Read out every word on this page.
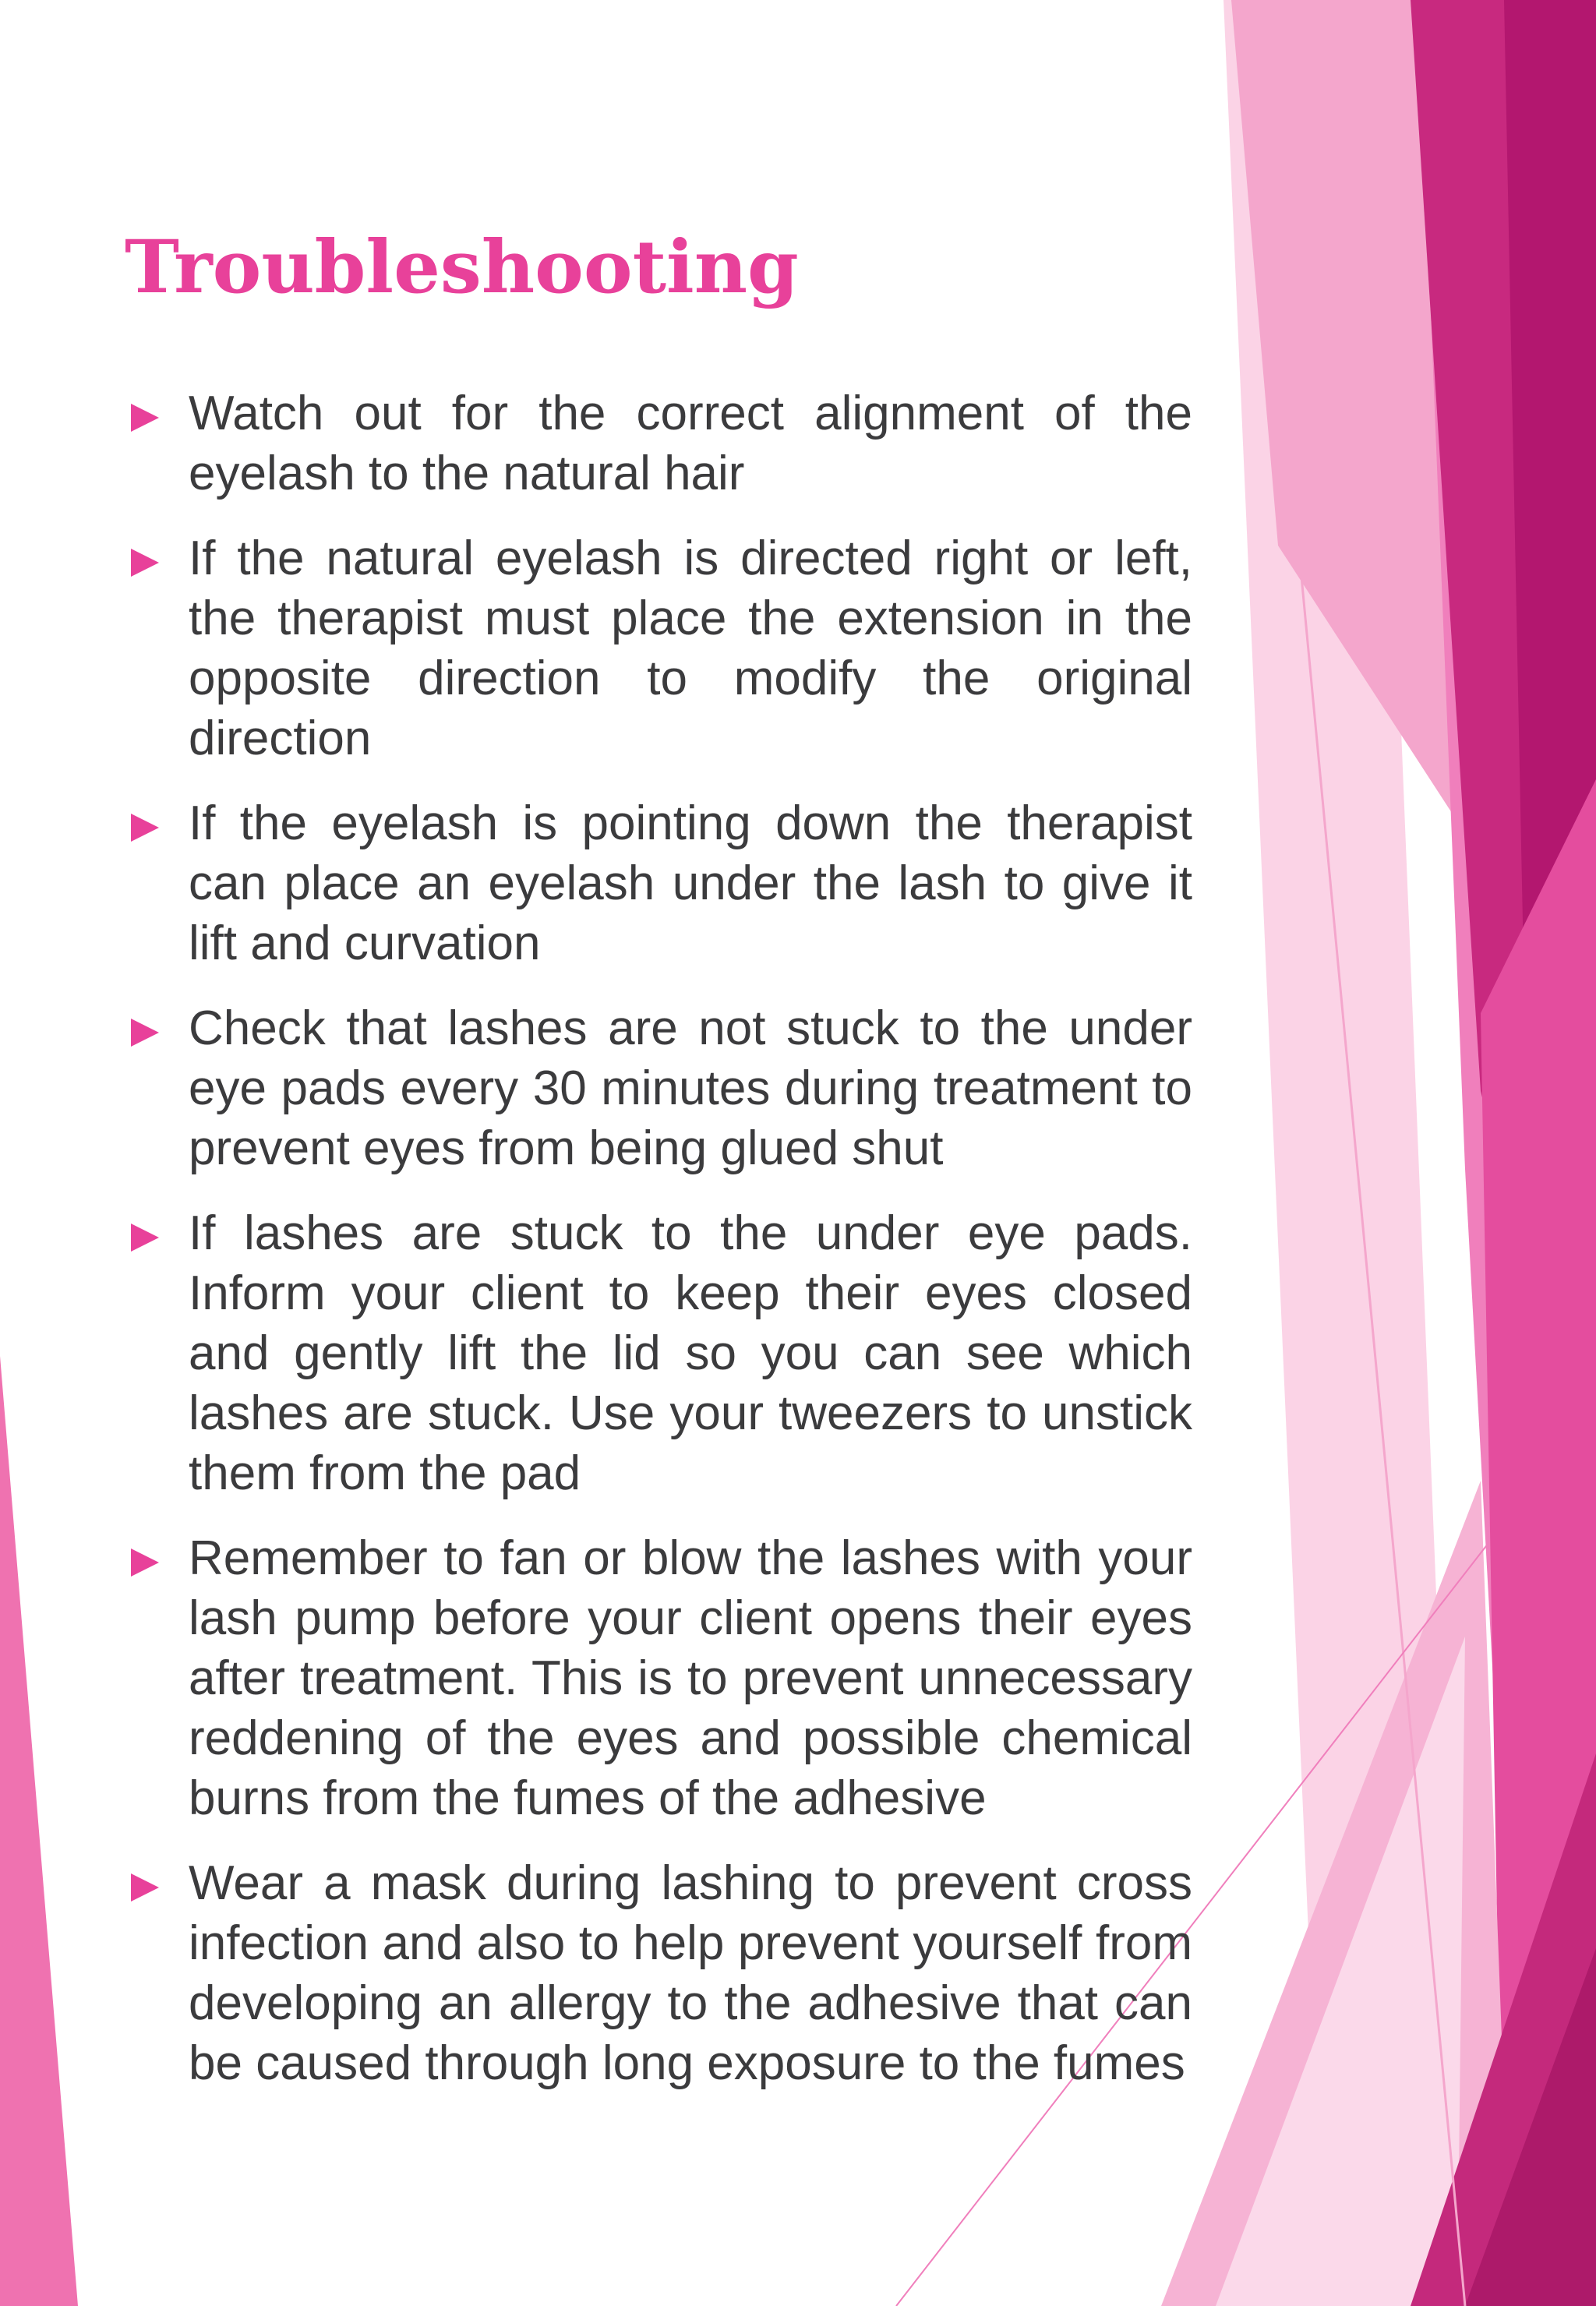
Troubleshooting

Watch out for the correct alignment of the eyelash to the natural hair

If the natural eyelash is directed right or left, the therapist must place the extension in the opposite direction to modify the original direction

If the eyelash is pointing down the therapist can place an eyelash under the lash to give it lift and curvation

Check that lashes are not stuck to the under eye pads every 30 minutes during treatment to prevent eyes from being glued shut

If lashes are stuck to the under eye pads. Inform your client to keep their eyes closed and gently lift the lid so you can see which lashes are stuck. Use your tweezers to unstick them from the pad

Remember to fan or blow the lashes with your lash pump before your client opens their eyes after treatment. This is to prevent unnecessary reddening of the eyes and possible chemical burns from the fumes of the adhesive

Wear a mask during lashing to prevent cross infection and also to help prevent yourself from developing an allergy to the adhesive that can be caused through long exposure to the fumes
